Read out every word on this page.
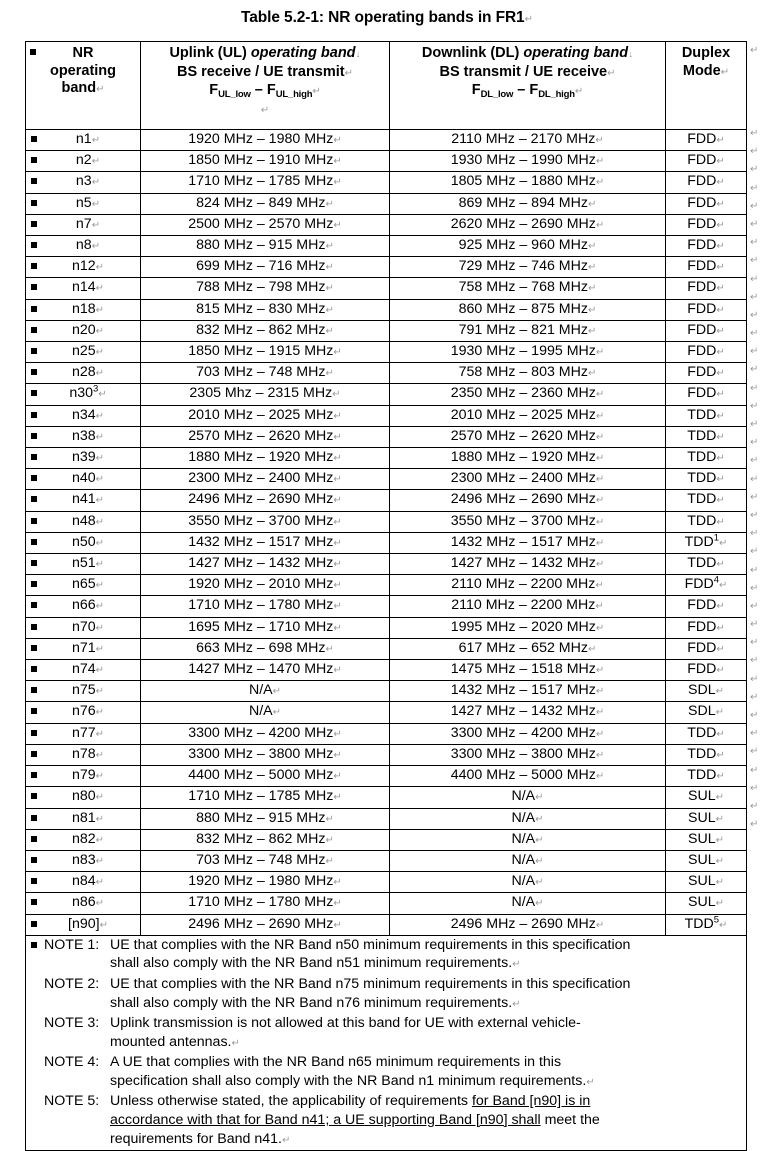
Table 5.2-1: NR operating bands in FR1↵
NR
operating
band↵	Uplink (UL) operating band↓
BS receive / UE transmit↵
$F_{UL\_low}$ – $F_{UL\_high}↵$
↵	Downlink (DL) operating band↓
BS transmit / UE receive↵
$F_{DL\_low}$ – $F_{DL\_high}↵$	Duplex
Mode↵

n1↵	1920 MHz – 1980 MHz↵	2110 MHz – 2170 MHz↵	FDD↵

n2↵	1850 MHz – 1910 MHz↵	1930 MHz – 1990 MHz↵	FDD↵

n3↵	1710 MHz – 1785 MHz↵	1805 MHz – 1880 MHz↵	FDD↵

n5↵	824 MHz – 849 MHz↵	869 MHz – 894 MHz↵	FDD↵

n7↵	2500 MHz – 2570 MHz↵	2620 MHz – 2690 MHz↵	FDD↵

n8↵	880 MHz – 915 MHz↵	925 MHz – 960 MHz↵	FDD↵

n12↵	699 MHz – 716 MHz↵	729 MHz – 746 MHz↵	FDD↵

n14↵	788 MHz – 798 MHz↵	758 MHz – 768 MHz↵	FDD↵

n18↵	815 MHz – 830 MHz↵	860 MHz – 875 MHz↵	FDD↵

n20↵	832 MHz – 862 MHz↵	791 MHz – 821 MHz↵	FDD↵

n25↵	1850 MHz – 1915 MHz↵	1930 MHz – 1995 MHz↵	FDD↵

n28↵	703 MHz – 748 MHz↵	758 MHz – 803 MHz↵	FDD↵

n30$^3$↵	2305 Mhz – 2315 MHz↵	2350 MHz – 2360 MHz↵	FDD↵

n34↵	2010 MHz – 2025 MHz↵	2010 MHz – 2025 MHz↵	TDD↵

n38↵	2570 MHz – 2620 MHz↵	2570 MHz – 2620 MHz↵	TDD↵

n39↵	1880 MHz – 1920 MHz↵	1880 MHz – 1920 MHz↵	TDD↵

n40↵	2300 MHz – 2400 MHz↵	2300 MHz – 2400 MHz↵	TDD↵

n41↵	2496 MHz – 2690 MHz↵	2496 MHz – 2690 MHz↵	TDD↵

n48↵	3550 MHz – 3700 MHz↵	3550 MHz – 3700 MHz↵	TDD↵

n50↵	1432 MHz – 1517 MHz↵	1432 MHz – 1517 MHz↵	TDD$^1$↵

n51↵	1427 MHz – 1432 MHz↵	1427 MHz – 1432 MHz↵	TDD↵

n65↵	1920 MHz – 2010 MHz↵	2110 MHz – 2200 MHz↵	FDD$^4$↵

n66↵	1710 MHz – 1780 MHz↵	2110 MHz – 2200 MHz↵	FDD↵

n70↵	1695 MHz – 1710 MHz↵	1995 MHz – 2020 MHz↵	FDD↵

n71↵	663 MHz – 698 MHz↵	617 MHz – 652 MHz↵	FDD↵

n74↵	1427 MHz – 1470 MHz↵	1475 MHz – 1518 MHz↵	FDD↵

n75↵	N/A↵	1432 MHz – 1517 MHz↵	SDL↵

n76↵	N/A↵	1427 MHz – 1432 MHz↵	SDL↵

n77↵	3300 MHz – 4200 MHz↵	3300 MHz – 4200 MHz↵	TDD↵

n78↵	3300 MHz – 3800 MHz↵	3300 MHz – 3800 MHz↵	TDD↵

n79↵	4400 MHz – 5000 MHz↵	4400 MHz – 5000 MHz↵	TDD↵

n80↵	1710 MHz – 1785 MHz↵	N/A↵	SUL↵

n81↵	880 MHz – 915 MHz↵	N/A↵	SUL↵

n82↵	832 MHz – 862 MHz↵	N/A↵	SUL↵

n83↵	703 MHz – 748 MHz↵	N/A↵	SUL↵

n84↵	1920 MHz – 1980 MHz↵	N/A↵	SUL↵

n86↵	1710 MHz – 1780 MHz↵	N/A↵	SUL↵

[n90]↵	2496 MHz – 2690 MHz↵	2496 MHz – 2690 MHz↵	TDD$^5$↵

NOTE 1: UE that complies with the NR Band n50 minimum requirements in this specification

shall also comply with the NR Band n51 minimum requirements.↵
NOTE 2: UE that complies with the NR Band n75 minimum requirements in this specification

shall also comply with the NR Band n76 minimum requirements.↵
NOTE 3: Uplink transmission is not allowed at this band for UE with external vehicle-

mounted antennas.↵
NOTE 4: A UE that complies with the NR Band n65 minimum requirements in this

specification shall also comply with the NR Band n1 minimum requirements.↵
NOTE 5: Unless otherwise stated, the applicability of requirements for Band [n90] is in

accordance with that for Band n41; a UE supporting Band [n90] shall meet the

requirements for Band n41.↵
↵
↵
↵
↵
↵
↵
↵
↵
↵
↵
↵
↵
↵
↵
↵
↵
↵
↵
↵
↵
↵
↵
↵
↵
↵
↵
↵
↵
↵
↵
↵
↵
↵
↵
↵
↵
↵
↵
↵
↵
